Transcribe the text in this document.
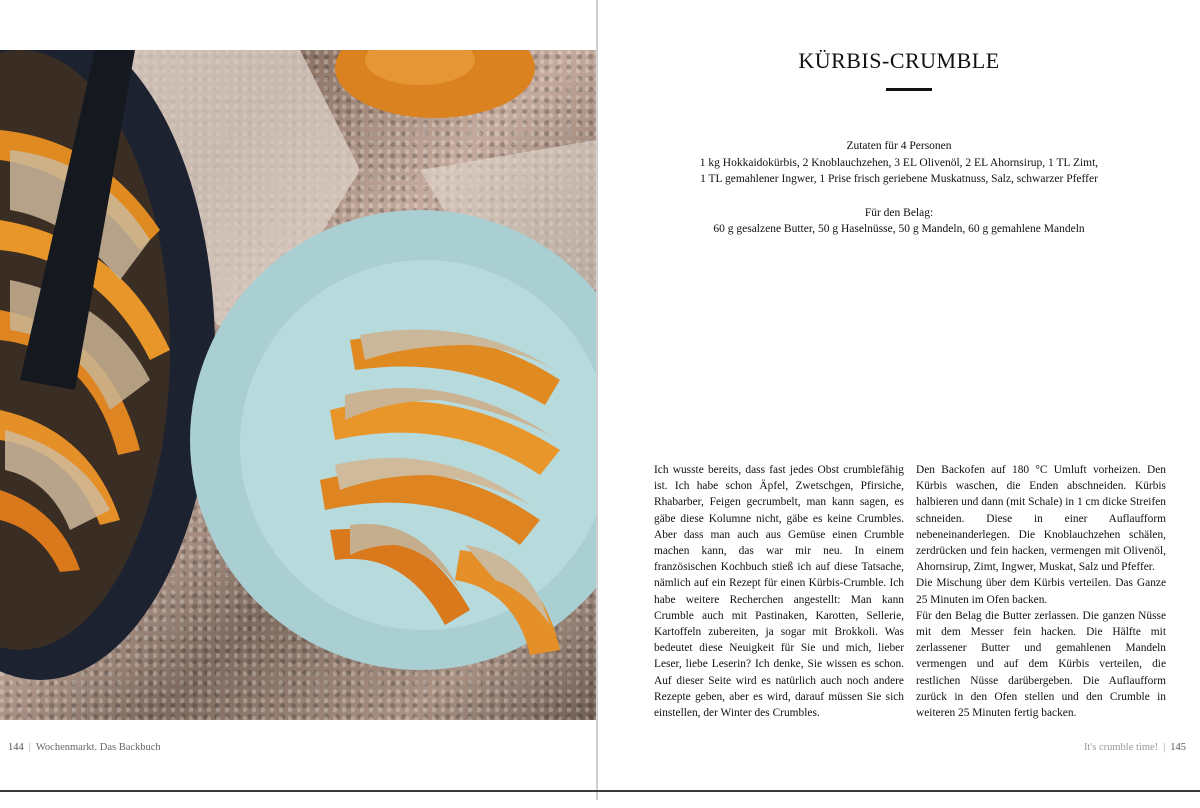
144 | Wochenmarkt. Das Backbuch
KÜRBIS-CRUMBLE

Zutaten für 4 Personen

1 kg Hokkaidokürbis, 2 Knoblauchzehen, 3 EL Olivenöl, 2 EL Ahornsirup, 1 TL Zimt,

1 TL gemahlener Ingwer, 1 Prise frisch geriebene Muskatnuss, Salz, schwarzer Pfeffer

Für den Belag:

60 g gesalzene Butter, 50 g Haselnüsse, 50 g Mandeln, 60 g gemahlene Mandeln

Ich wusste bereits, dass fast jedes Obst crumblefähig ist. Ich habe schon Äpfel, Zwetschgen, Pfirsiche, Rhabarber, Feigen gecrumbelt, man kann sagen, es gäbe diese Kolumne nicht, gäbe es keine Crumbles. Aber dass man auch aus Gemüse einen Crumble machen kann, das war mir neu. In einem französischen Kochbuch stieß ich auf diese Tatsache, nämlich auf ein Rezept für einen Kürbis-Crumble. Ich habe weitere Recherchen angestellt: Man kann Crumble auch mit Pastinaken, Karotten, Sellerie, Kartoffeln zubereiten, ja sogar mit Brokkoli. Was bedeutet diese Neuigkeit für Sie und mich, lieber Leser, liebe Leserin? Ich denke, Sie wissen es schon. Auf dieser Seite wird es natürlich auch noch andere Rezepte geben, aber es wird, darauf müssen Sie sich einstellen, der Winter des Crumbles.

Den Backofen auf 180 °C Umluft vorheizen. Den Kürbis waschen, die Enden abschneiden. Kürbis halbieren und dann (mit Schale) in 1 cm dicke Streifen schneiden. Diese in einer Auflaufform nebeneinanderlegen. Die Knoblauchzehen schälen, zerdrücken und fein hacken, vermengen mit Olivenöl, Ahornsirup, Zimt, Ingwer, Muskat, Salz und Pfeffer.

Die Mischung über dem Kürbis verteilen. Das Ganze 25 Minuten im Ofen backen.

Für den Belag die Butter zerlassen. Die ganzen Nüsse mit dem Messer fein hacken. Die Hälfte mit zerlassener Butter und gemahlenen Mandeln vermengen und auf dem Kürbis verteilen, die restlichen Nüsse darübergeben. Die Auflaufform zurück in den Ofen stellen und den Crumble in weiteren 25 Minuten fertig backen.

It's crumble time! | 145
